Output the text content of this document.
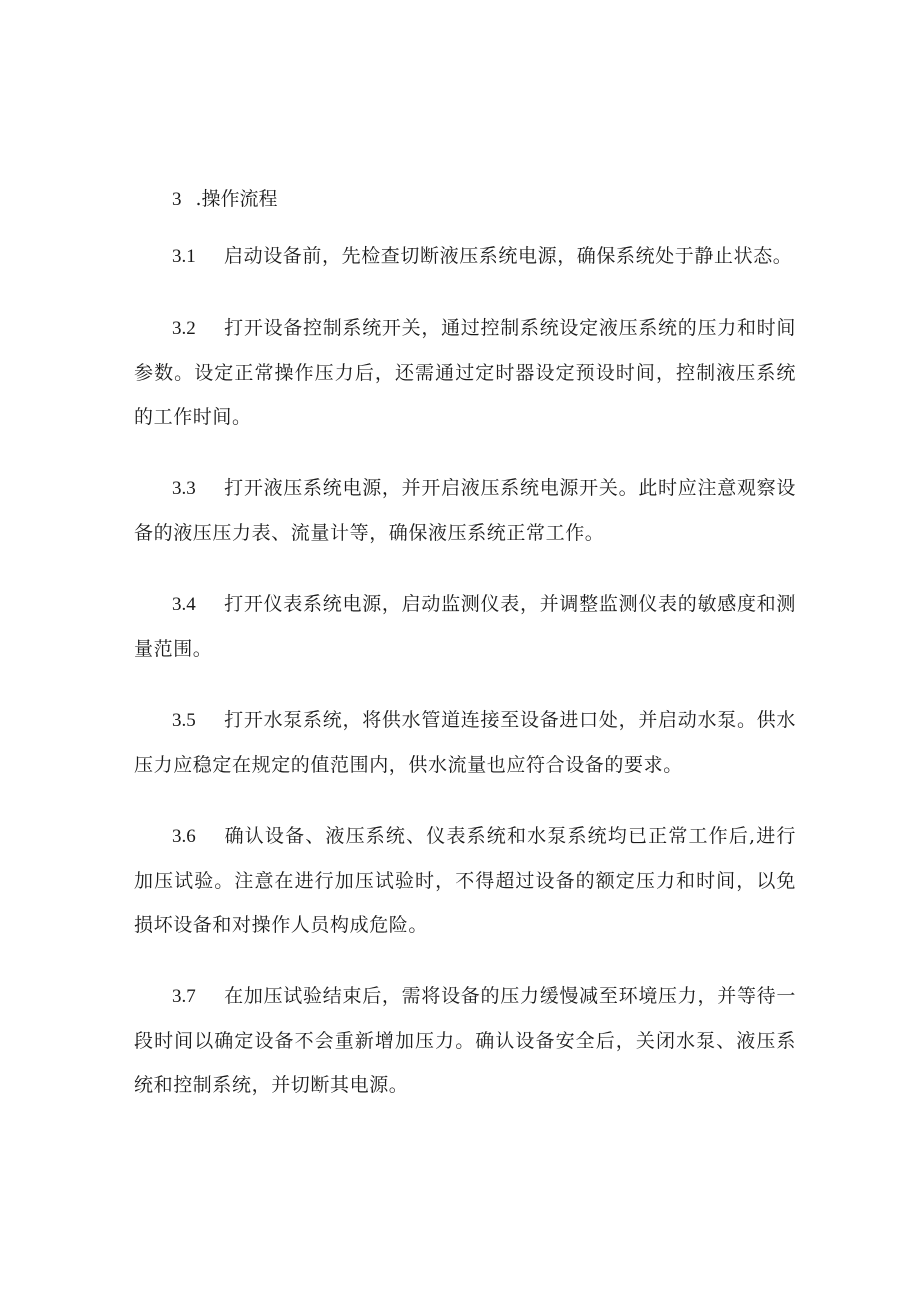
3 .操作流程

3.1 启动设备前，先检查切断液压系统电源，确保系统处于静止状态。

3.2 打开设备控制系统开关，通过控制系统设定液压系统的压力和时间参数。设定正常操作压力后，还需通过定时器设定预设时间，控制液压系统的工作时间。

3.3 打开液压系统电源，并开启液压系统电源开关。此时应注意观察设备的液压压力表、流量计等，确保液压系统正常工作。

3.4 打开仪表系统电源，启动监测仪表，并调整监测仪表的敏感度和测量范围。

3.5 打开水泵系统，将供水管道连接至设备进口处，并启动水泵。供水压力应稳定在规定的值范围内，供水流量也应符合设备的要求。

3.6 确认设备、液压系统、仪表系统和水泵系统均已正常工作后,进行加压试验。注意在进行加压试验时，不得超过设备的额定压力和时间，以免损坏设备和对操作人员构成危险。

3.7 在加压试验结束后，需将设备的压力缓慢减至环境压力，并等待一段时间以确定设备不会重新增加压力。确认设备安全后，关闭水泵、液压系统和控制系统，并切断其电源。
